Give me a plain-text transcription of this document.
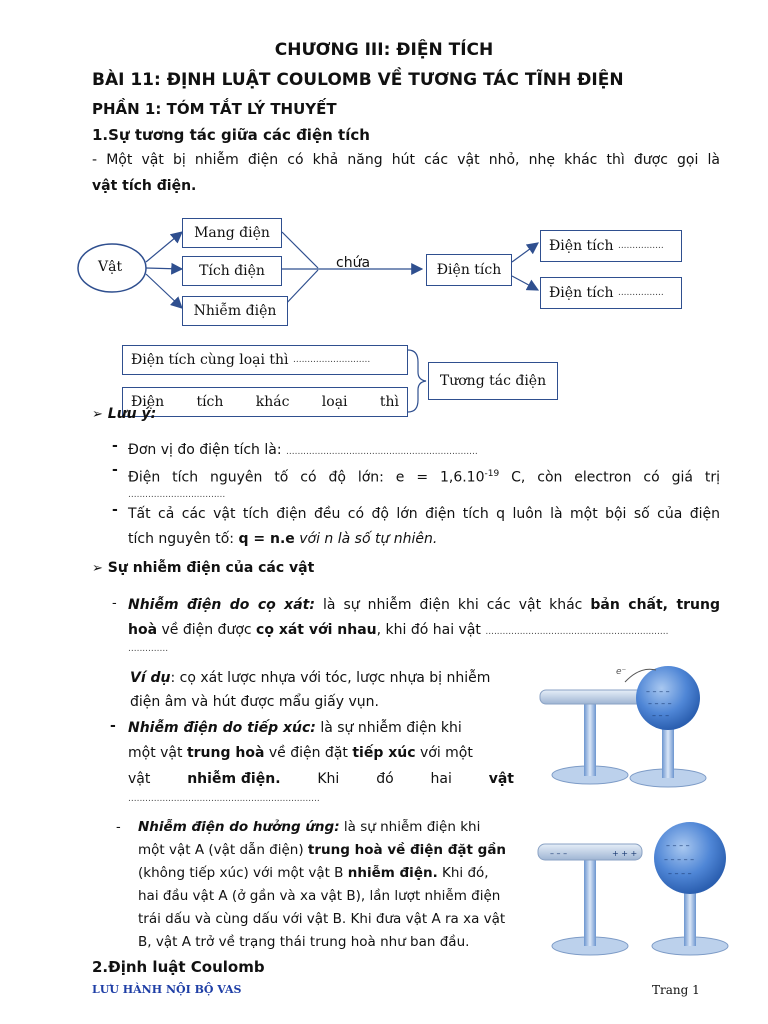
CHƯƠNG III: ĐIỆN TÍCH
BÀI 11: ĐỊNH LUẬT COULOMB VỀ TƯƠNG TÁC TĨNH ĐIỆN
PHẦN 1: TÓM TẮT LÝ THUYẾT
1.Sự tương tác giữa các điện tích
- Một vật bị nhiễm điện có khả năng hút các vật nhỏ, nhẹ khác thì được gọi là
vật tích điện.
Vật
Mang điện
Tích điện
Nhiễm điện
chứa	Điện tích
Điện tích
................
Điện tích
................
Điện tích cùng loại thì
...........................
Điện tích khác loại thì
Tương tác điện
➢ Lưu ý:
- Đơn vị đo điện tích là: ...................................................................
- Điện tích nguyên tố có độ lớn: $e = 1,6.10^{-19}$ C, còn electron có giá trị
..................................
- Tất cả các vật tích điện đều có độ lớn điện tích q luôn là một bội số của điện
tích nguyên tố: q = n.e với n là số tự nhiên.
➢ Sự nhiễm điện của các vật
- Nhiễm điện do cọ xát: là sự nhiễm điện khi các vật khác bản chất, trung
hoà về điện được cọ xát với nhau, khi đó hai vật ................................................................
..............
Ví dụ: cọ xát lược nhựa với tóc, lược nhựa bị nhiễm
điện âm và hút được mẩu giấy vụn.
- Nhiễm điện do tiếp xúc: là sự nhiễm điện khi
một vật trung hoà về điện đặt tiếp xúc với một
vật	nhiễm điện.	Khi	đó	hai	vật
...................................................................
- Nhiễm điện do hưởng ứng: là sự nhiễm điện khi
một vật A (vật dẫn điện) trung hoà về điện đặt gần
(không tiếp xúc) với một vật B nhiễm điện. Khi đó,
hai đầu vật A (ở gần và xa vật B), lần lượt nhiễm điện
trái dấu và cùng dấu với vật B. Khi đưa vật A ra xa vật
B, vật A trở về trạng thái trung hoà như ban đầu.
2.Định luật Coulomb
– – – –
– – – –
– – –
e⁻
– – –	+ + +
– – – –
– – – – –
– – – –
LƯU HÀNH NỘI BỘ VAS	Trang 1
